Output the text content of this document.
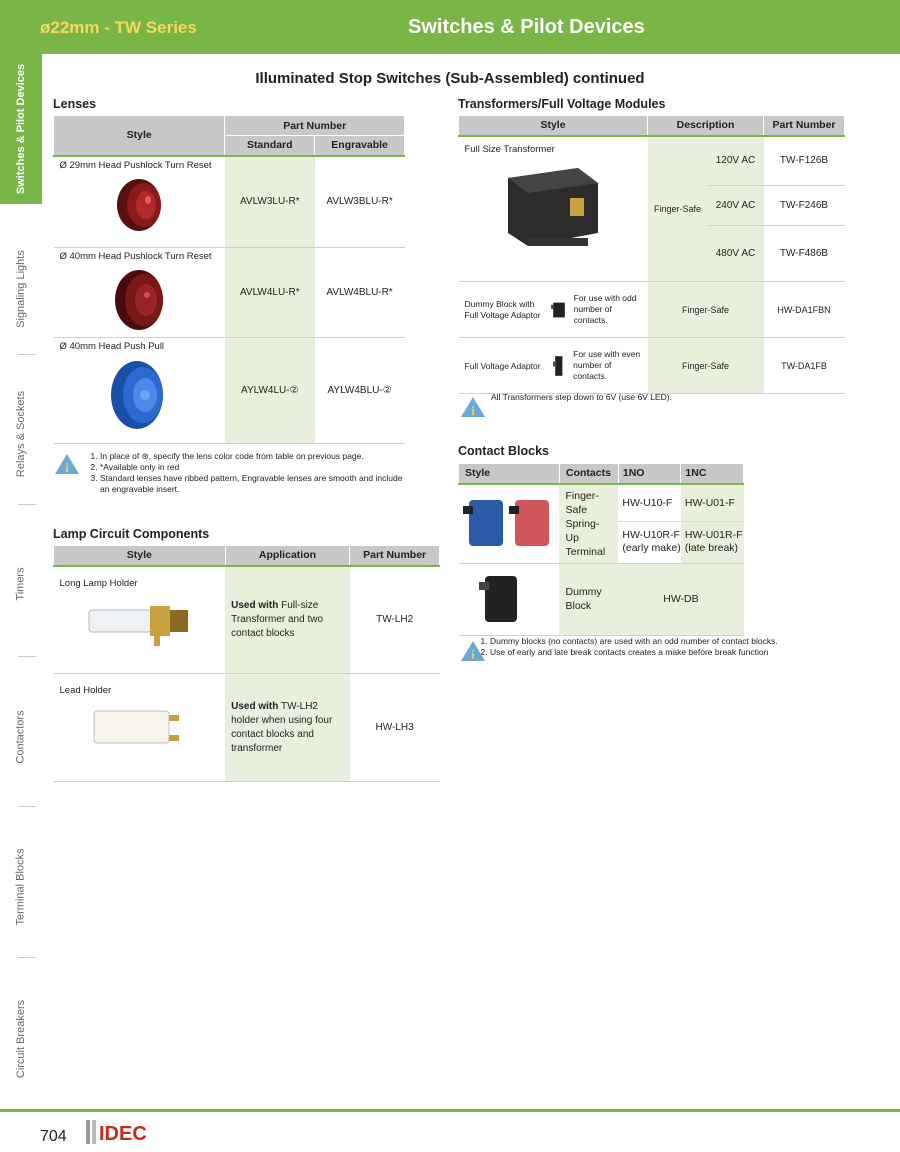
ø22mm - TW Series	Switches & Pilot Devices
Switches & Pilot Devices
Signaling Lights
Relays & Sockets
Timers
Contactors
Terminal Blocks
Circuit Breakers
Illuminated Stop Switches (Sub-Assembled) continued
Lenses
Style	Part Number	
	Standard	Engravable

Ø 29mm Head Pushlock Turn Reset	AVLW3LU-R*	AVLW3BLU-R*

Ø 40mm Head Pushlock Turn Reset	AVLW4LU-R*	AVLW4BLU-R*

Ø 40mm Head Push Pull	AYLW4LU-②	AYLW4BLU-②
i
1. In place of ⊛, specify the lens color code from table on previous page.
2. *Available only in red
3. Standard lenses have ribbed pattern, Engravable lenses are smooth and include an engravable insert.
Lamp Circuit Components
Style	Application	Part Number

Long Lamp Holder	Used with Full-size Transformer and two contact blocks	TW-LH2

Lead Holder	Used with TW-LH2 holder when using four contact blocks and transformer	HW-LH3
Transformers/Full Voltage Modules
Style		Description		Part Number

Full Size Transformer		Finger-Safe	120V AC	TW-F126B
			240V AC	TW-F246B
			480V AC	TW-F486B
Dummy Block with Full Voltage Adaptor	For use with odd number of contacts.	Finger-Safe		HW-DA1FBN
Full Voltage Adaptor	For use with even number of contacts.	Finger-Safe		TW-DA1FB
i
All Transformers step down to 6V (use 6V LED).
Contact Blocks
Style	Contacts	1NO	1NC
	Finger-Safe Spring-Up Terminal	HW-U10-F	HW-U01-F
		HW-U10R-F (early make)	HW-U01R-F (late break)
	Dummy Block	HW-DB	
i
1. Dummy blocks (no contacts) are used with an odd number of contact blocks.
2. Use of early and late break contacts creates a make before break function
704 IDEC
